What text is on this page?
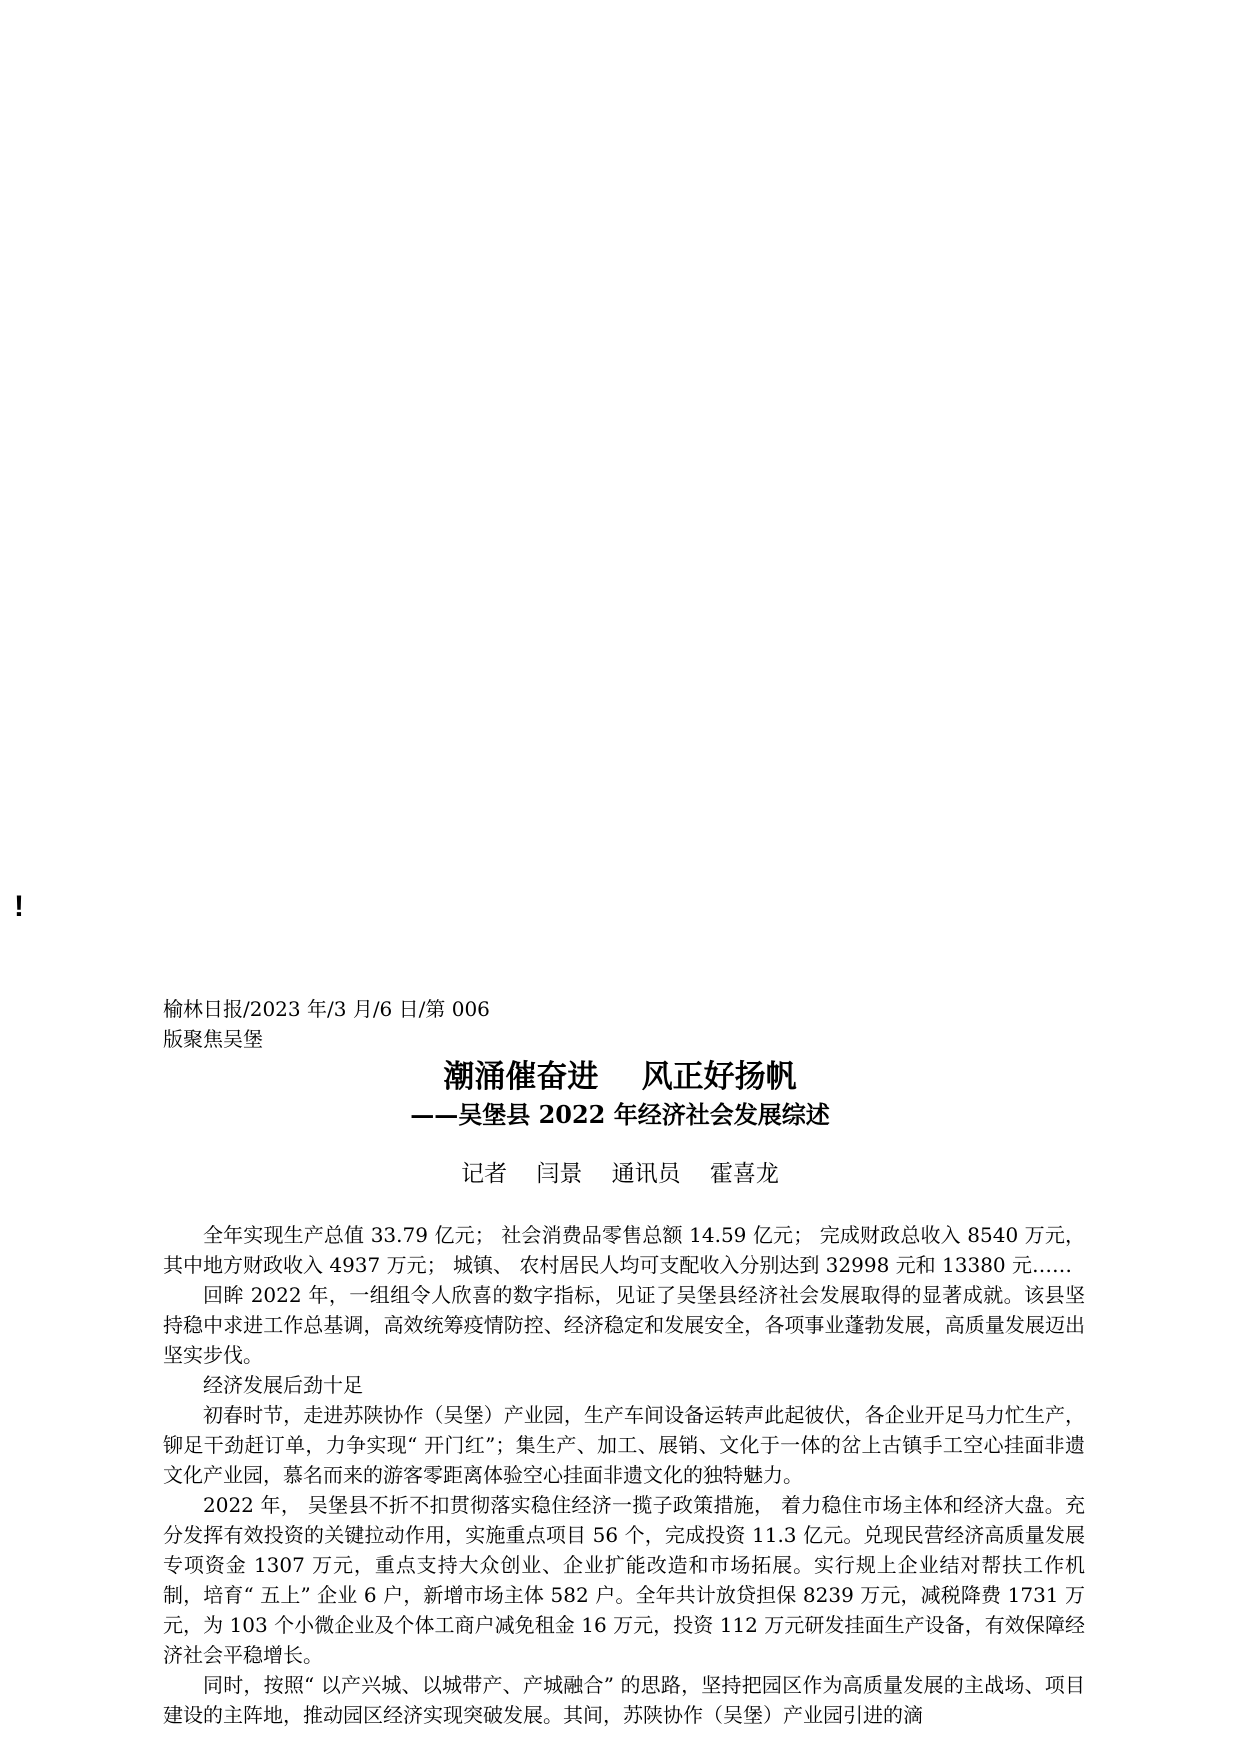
!
榆林日报/2023 年/3 月/6 日/第 006
版聚焦吴堡
潮涌催奋进    风正好扬帆
——吴堡县 2022 年经济社会发展综述
记者    闫景    通讯员    霍喜龙

全年实现生产总值 33.79 亿元； 社会消费品零售总额 14.59 亿元； 完成财政总收入 8540 万元，其中地方财政收入 4937 万元； 城镇、 农村居民人均可支配收入分别达到 32998 元和 13380 元……

回眸 2022 年，一组组令人欣喜的数字指标，见证了吴堡县经济社会发展取得的显著成就。该县坚持稳中求进工作总基调，高效统筹疫情防控、经济稳定和发展安全，各项事业蓬勃发展，高质量发展迈出坚实步伐。

经济发展后劲十足

初春时节，走进苏陕协作（吴堡）产业园，生产车间设备运转声此起彼伏，各企业开足马力忙生产，铆足干劲赶订单，力争实现“ 开门红”；集生产、加工、展销、文化于一体的岔上古镇手工空心挂面非遗文化产业园，慕名而来的游客零距离体验空心挂面非遗文化的独特魅力。

2022 年， 吴堡县不折不扣贯彻落实稳住经济一揽子政策措施， 着力稳住市场主体和经济大盘。充分发挥有效投资的关键拉动作用，实施重点项目 56 个，完成投资 11.3 亿元。兑现民营经济高质量发展专项资金 1307 万元，重点支持大众创业、企业扩能改造和市场拓展。实行规上企业结对帮扶工作机制，培育“ 五上” 企业 6 户，新增市场主体 582 户。全年共计放贷担保 8239 万元，减税降费 1731 万元，为 103 个小微企业及个体工商户减免租金 16 万元，投资 112 万元研发挂面生产设备，有效保障经济社会平稳增长。

同时，按照“ 以产兴城、以城带产、产城融合” 的思路，坚持把园区作为高质量发展的主战场、项目建设的主阵地，推动园区经济实现突破发展。其间，苏陕协作（吴堡）产业园引进的滴
